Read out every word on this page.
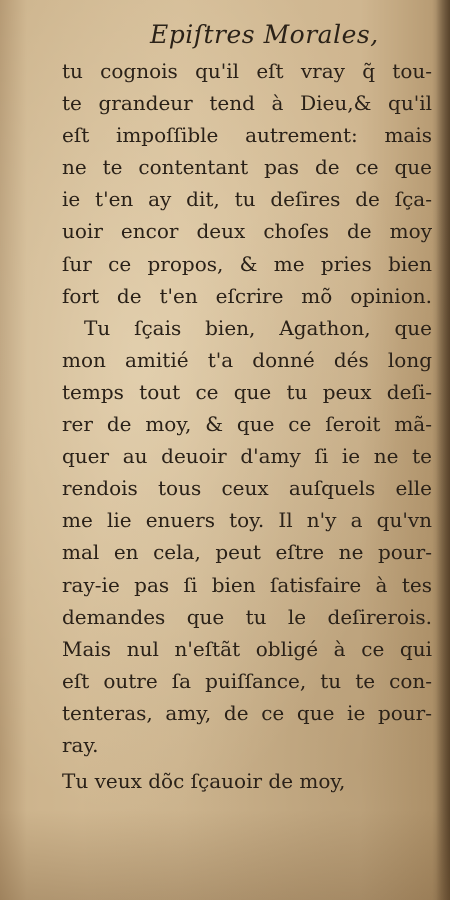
Epiſtres Morales,
tu cognois qu'il eſt vray q̃ tou-
te grandeur tend à Dieu,& qu'il
eſt impoſſible autrement: mais
ne te contentant pas de ce que
ie t'en ay dit, tu deſires de ſça-
uoir encor deux choſes de moy
ſur ce propos, & me pries bien
fort de t'en eſcrire mõ opinion.
Tu ſçais bien, Agathon, que
mon amitié t'a donné dés long
temps tout ce que tu peux deſi-
rer de moy, & que ce ſeroit mã-
quer au deuoir d'amy ſi ie ne te
rendois tous ceux auſquels elle
me lie enuers toy. Il n'y a qu'vn
mal en cela, peut eſtre ne pour-
ray-ie pas ſi bien ſatisfaire à tes
demandes que tu le deſirerois.
Mais nul n'eſtãt obligé à ce qui
eſt outre ſa puiſſance, tu te con-
tenteras, amy, de ce que ie pour-
ray.
Tu veux dõc ſçauoir de moy,
